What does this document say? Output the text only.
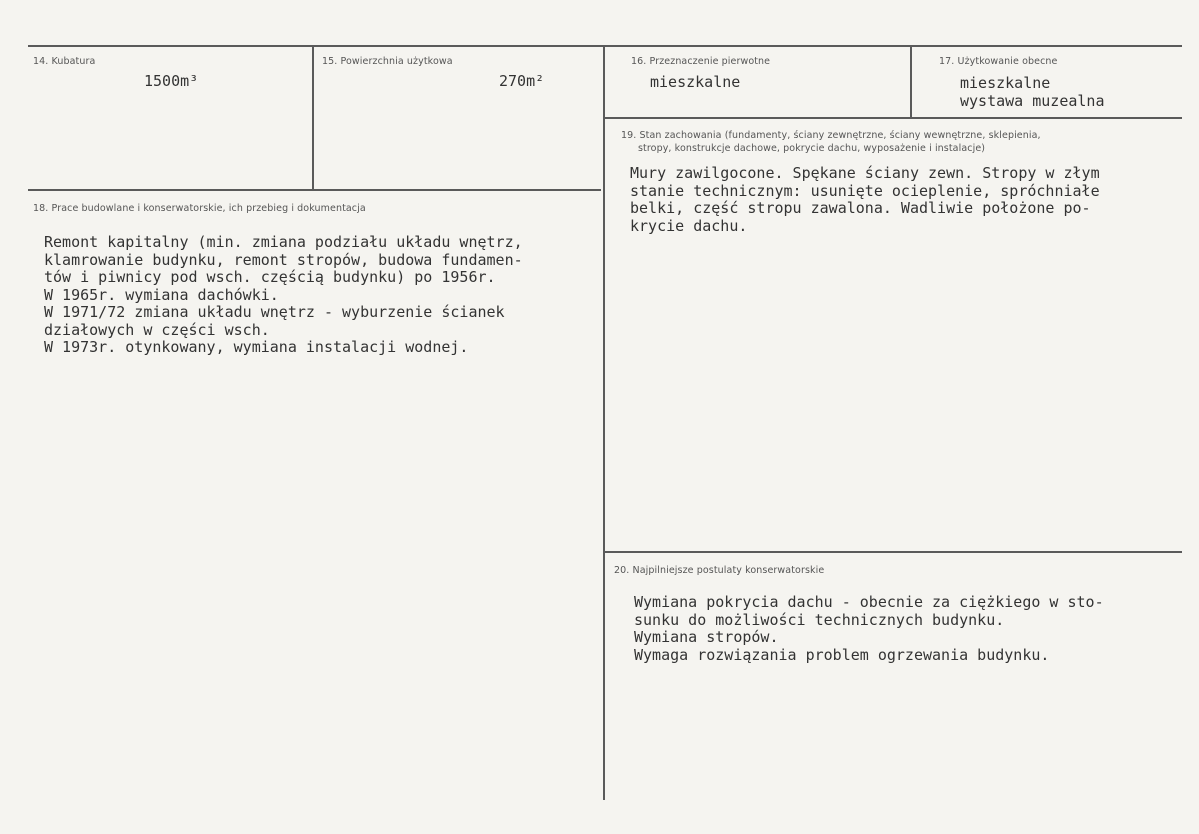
14. Kubatura
1500m³
15. Powierzchnia użytkowa
270m²
16. Przeznaczenie pierwotne
mieszkalne
17. Użytkowanie obecne
mieszkalne
wystawa muzealna
18. Prace budowlane i konserwatorskie, ich przebieg i dokumentacja
Remont kapitalny (min. zmiana podziału układu wnętrz,
klamrowanie budynku, remont stropów, budowa fundamen-
tów i piwnicy pod wsch. częścią budynku) po 1956r.
W 1965r. wymiana dachówki.
W 1971/72 zmiana układu wnętrz - wyburzenie ścianek
działowych w części wsch.
W 1973r. otynkowany, wymiana instalacji wodnej.
19. Stan zachowania (fundamenty, ściany zewnętrzne, ściany wewnętrzne, sklepienia,
stropy, konstrukcje dachowe, pokrycie dachu, wyposażenie i instalacje)
Mury zawilgocone. Spękane ściany zewn. Stropy w złym
stanie technicznym: usunięte ocieplenie, spróchniałe
belki, część stropu zawalona. Wadliwie położone po-
krycie dachu.
20. Najpilniejsze postulaty konserwatorskie
Wymiana pokrycia dachu - obecnie za ciężkiego w sto-
sunku do możliwości technicznych budynku.
Wymiana stropów.
Wymaga rozwiązania problem ogrzewania budynku.
